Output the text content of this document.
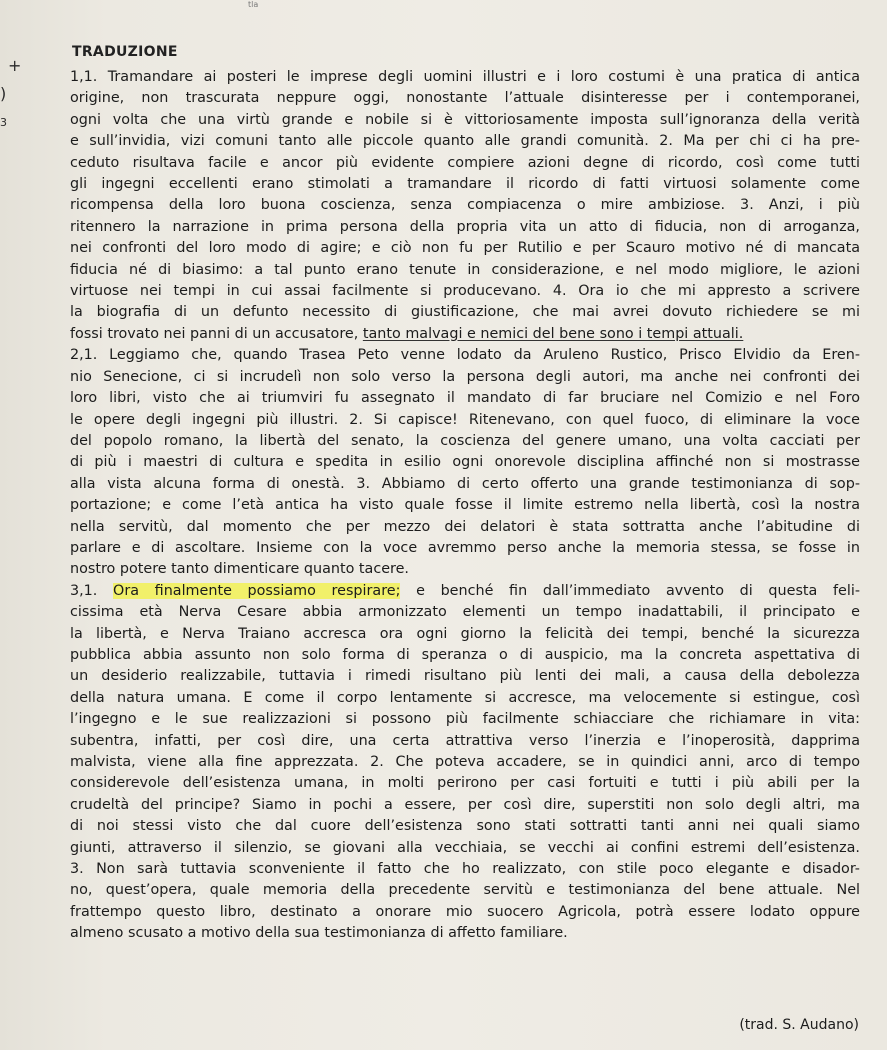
tla
+
)
3
TRADUZIONE
1,1. Tramandare ai posteri le imprese degli uomini illustri e i loro costumi è una pratica di antica
origine, non trascurata neppure oggi, nonostante l’attuale disinteresse per i contemporanei,
ogni volta che una virtù grande e nobile si è vittoriosamente imposta sull’ignoranza della verità
e sull’invidia, vizi comuni tanto alle piccole quanto alle grandi comunità. 2. Ma per chi ci ha pre-
ceduto risultava facile e ancor più evidente compiere azioni degne di ricordo, così come tutti
gli ingegni eccellenti erano stimolati a tramandare il ricordo di fatti virtuosi solamente come
ricompensa della loro buona coscienza, senza compiacenza o mire ambiziose. 3. Anzi, i più
ritennero la narrazione in prima persona della propria vita un atto di fiducia, non di arroganza,
nei confronti del loro modo di agire; e ciò non fu per Rutilio e per Scauro motivo né di mancata
fiducia né di biasimo: a tal punto erano tenute in considerazione, e nel modo migliore, le azioni
virtuose nei tempi in cui assai facilmente si producevano. 4. Ora io che mi appresto a scrivere
la biografia di un defunto necessito di giustificazione, che mai avrei dovuto richiedere se mi
fossi trovato nei panni di un accusatore, tanto malvagi e nemici del bene sono i tempi attuali.
2,1. Leggiamo che, quando Trasea Peto venne lodato da Aruleno Rustico, Prisco Elvidio da Eren-
nio Senecione, ci si incrudelì non solo verso la persona degli autori, ma anche nei confronti dei
loro libri, visto che ai triumviri fu assegnato il mandato di far bruciare nel Comizio e nel Foro
le opere degli ingegni più illustri. 2. Si capisce! Ritenevano, con quel fuoco, di eliminare la voce
del popolo romano, la libertà del senato, la coscienza del genere umano, una volta cacciati per
di più i maestri di cultura e spedita in esilio ogni onorevole disciplina affinché non si mostrasse
alla vista alcuna forma di onestà. 3. Abbiamo di certo offerto una grande testimonianza di sop-
portazione; e come l’età antica ha visto quale fosse il limite estremo nella libertà, così la nostra
nella servitù, dal momento che per mezzo dei delatori è stata sottratta anche l’abitudine di
parlare e di ascoltare. Insieme con la voce avremmo perso anche la memoria stessa, se fosse in
nostro potere tanto dimenticare quanto tacere.
3,1. Ora finalmente possiamo respirare; e benché fin dall’immediato avvento di questa feli-
cissima età Nerva Cesare abbia armonizzato elementi un tempo inadattabili, il principato e
la libertà, e Nerva Traiano accresca ora ogni giorno la felicità dei tempi, benché la sicurezza
pubblica abbia assunto non solo forma di speranza o di auspicio, ma la concreta aspettativa di
un desiderio realizzabile, tuttavia i rimedi risultano più lenti dei mali, a causa della debolezza
della natura umana. E come il corpo lentamente si accresce, ma velocemente si estingue, così
l’ingegno e le sue realizzazioni si possono più facilmente schiacciare che richiamare in vita:
subentra, infatti, per così dire, una certa attrattiva verso l’inerzia e l’inoperosità, dapprima
malvista, viene alla fine apprezzata. 2. Che poteva accadere, se in quindici anni, arco di tempo
considerevole dell’esistenza umana, in molti perirono per casi fortuiti e tutti i più abili per la
crudeltà del principe? Siamo in pochi a essere, per così dire, superstiti non solo degli altri, ma
di noi stessi visto che dal cuore dell’esistenza sono stati sottratti tanti anni nei quali siamo
giunti, attraverso il silenzio, se giovani alla vecchiaia, se vecchi ai confini estremi dell’esistenza.
3. Non sarà tuttavia sconveniente il fatto che ho realizzato, con stile poco elegante e disador-
no, quest’opera, quale memoria della precedente servitù e testimonianza del bene attuale. Nel
frattempo questo libro, destinato a onorare mio suocero Agricola, potrà essere lodato oppure
almeno scusato a motivo della sua testimonianza di affetto familiare.
(trad. S. Audano)
